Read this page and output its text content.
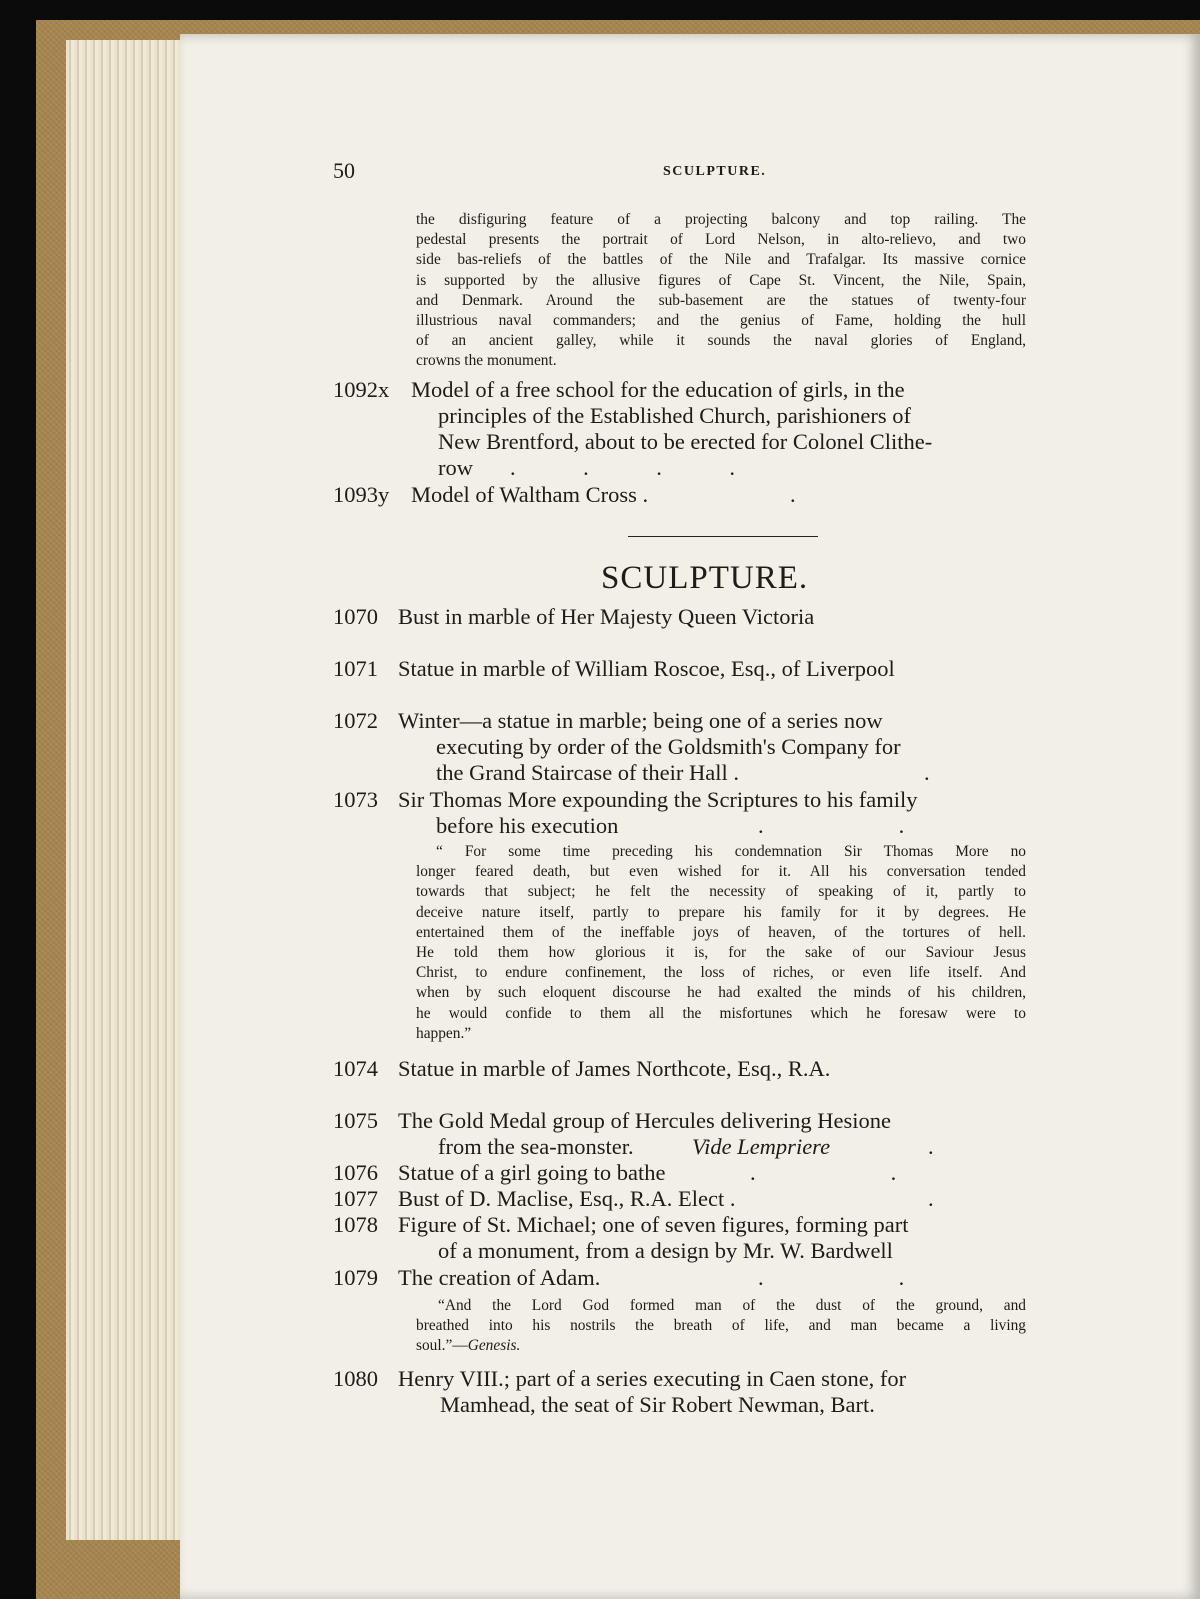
50	SCULPTURE.
the disfiguring feature of a projecting balcony and top railing. The
pedestal presents the portrait of Lord Nelson, in alto-relievo, and two
side bas-reliefs of the battles of the Nile and Trafalgar. Its massive cornice
is supported by the allusive figures of Cape St. Vincent, the Nile, Spain,
and Denmark. Around the sub-basement are the statues of twenty-four
illustrious naval commanders; and the genius of Fame, holding the hull
of an ancient galley, while it sounds the naval glories of England,
crowns the monument.
1092x Model of a free school for the education of girls, in the
principles of the Established Church, parishioners of
New Brentford, about to be erected for Colonel Clithe-
row .            .            .            .
1093y Model of Waltham Cross .	.
SCULPTURE.
1070 Bust in marble of Her Majesty Queen Victoria
1071 Statue in marble of William Roscoe, Esq., of Liverpool
1072 Winter—a statue in marble; being one of a series now
executing by order of the Goldsmith's Company for
the Grand Staircase of their Hall .	.
1073 Sir Thomas More expounding the Scriptures to his family
before his execution	.                        .
“ For some time preceding his condemnation Sir Thomas More no
longer feared death, but even wished for it. All his conversation tended
towards that subject; he felt the necessity of speaking of it, partly to
deceive nature itself, partly to prepare his family for it by degrees. He
entertained them of the ineffable joys of heaven, of the tortures of hell.
He told them how glorious it is, for the sake of our Saviour Jesus
Christ, to endure confinement, the loss of riches, or even life itself. And
when by such eloquent discourse he had exalted the minds of his children,
he would confide to them all the misfortunes which he foresaw were to
happen.”
1074 Statue in marble of James Northcote, Esq., R.A.
1075 The Gold Medal group of Hercules delivering Hesione
from the sea-monster.	Vide Lempriere	.
1076 Statue of a girl going to bathe	.                        .
1077 Bust of D. Maclise, Esq., R.A. Elect .	.
1078 Figure of St. Michael; one of seven figures, forming part
of a monument, from a design by Mr. W. Bardwell
1079 The creation of Adam.	.                        .
“And the Lord God formed man of the dust of the ground, and
breathed into his nostrils the breath of life, and man became a living
soul.”—Genesis.
1080 Henry VIII.; part of a series executing in Caen stone, for
Mamhead, the seat of Sir Robert Newman, Bart.
